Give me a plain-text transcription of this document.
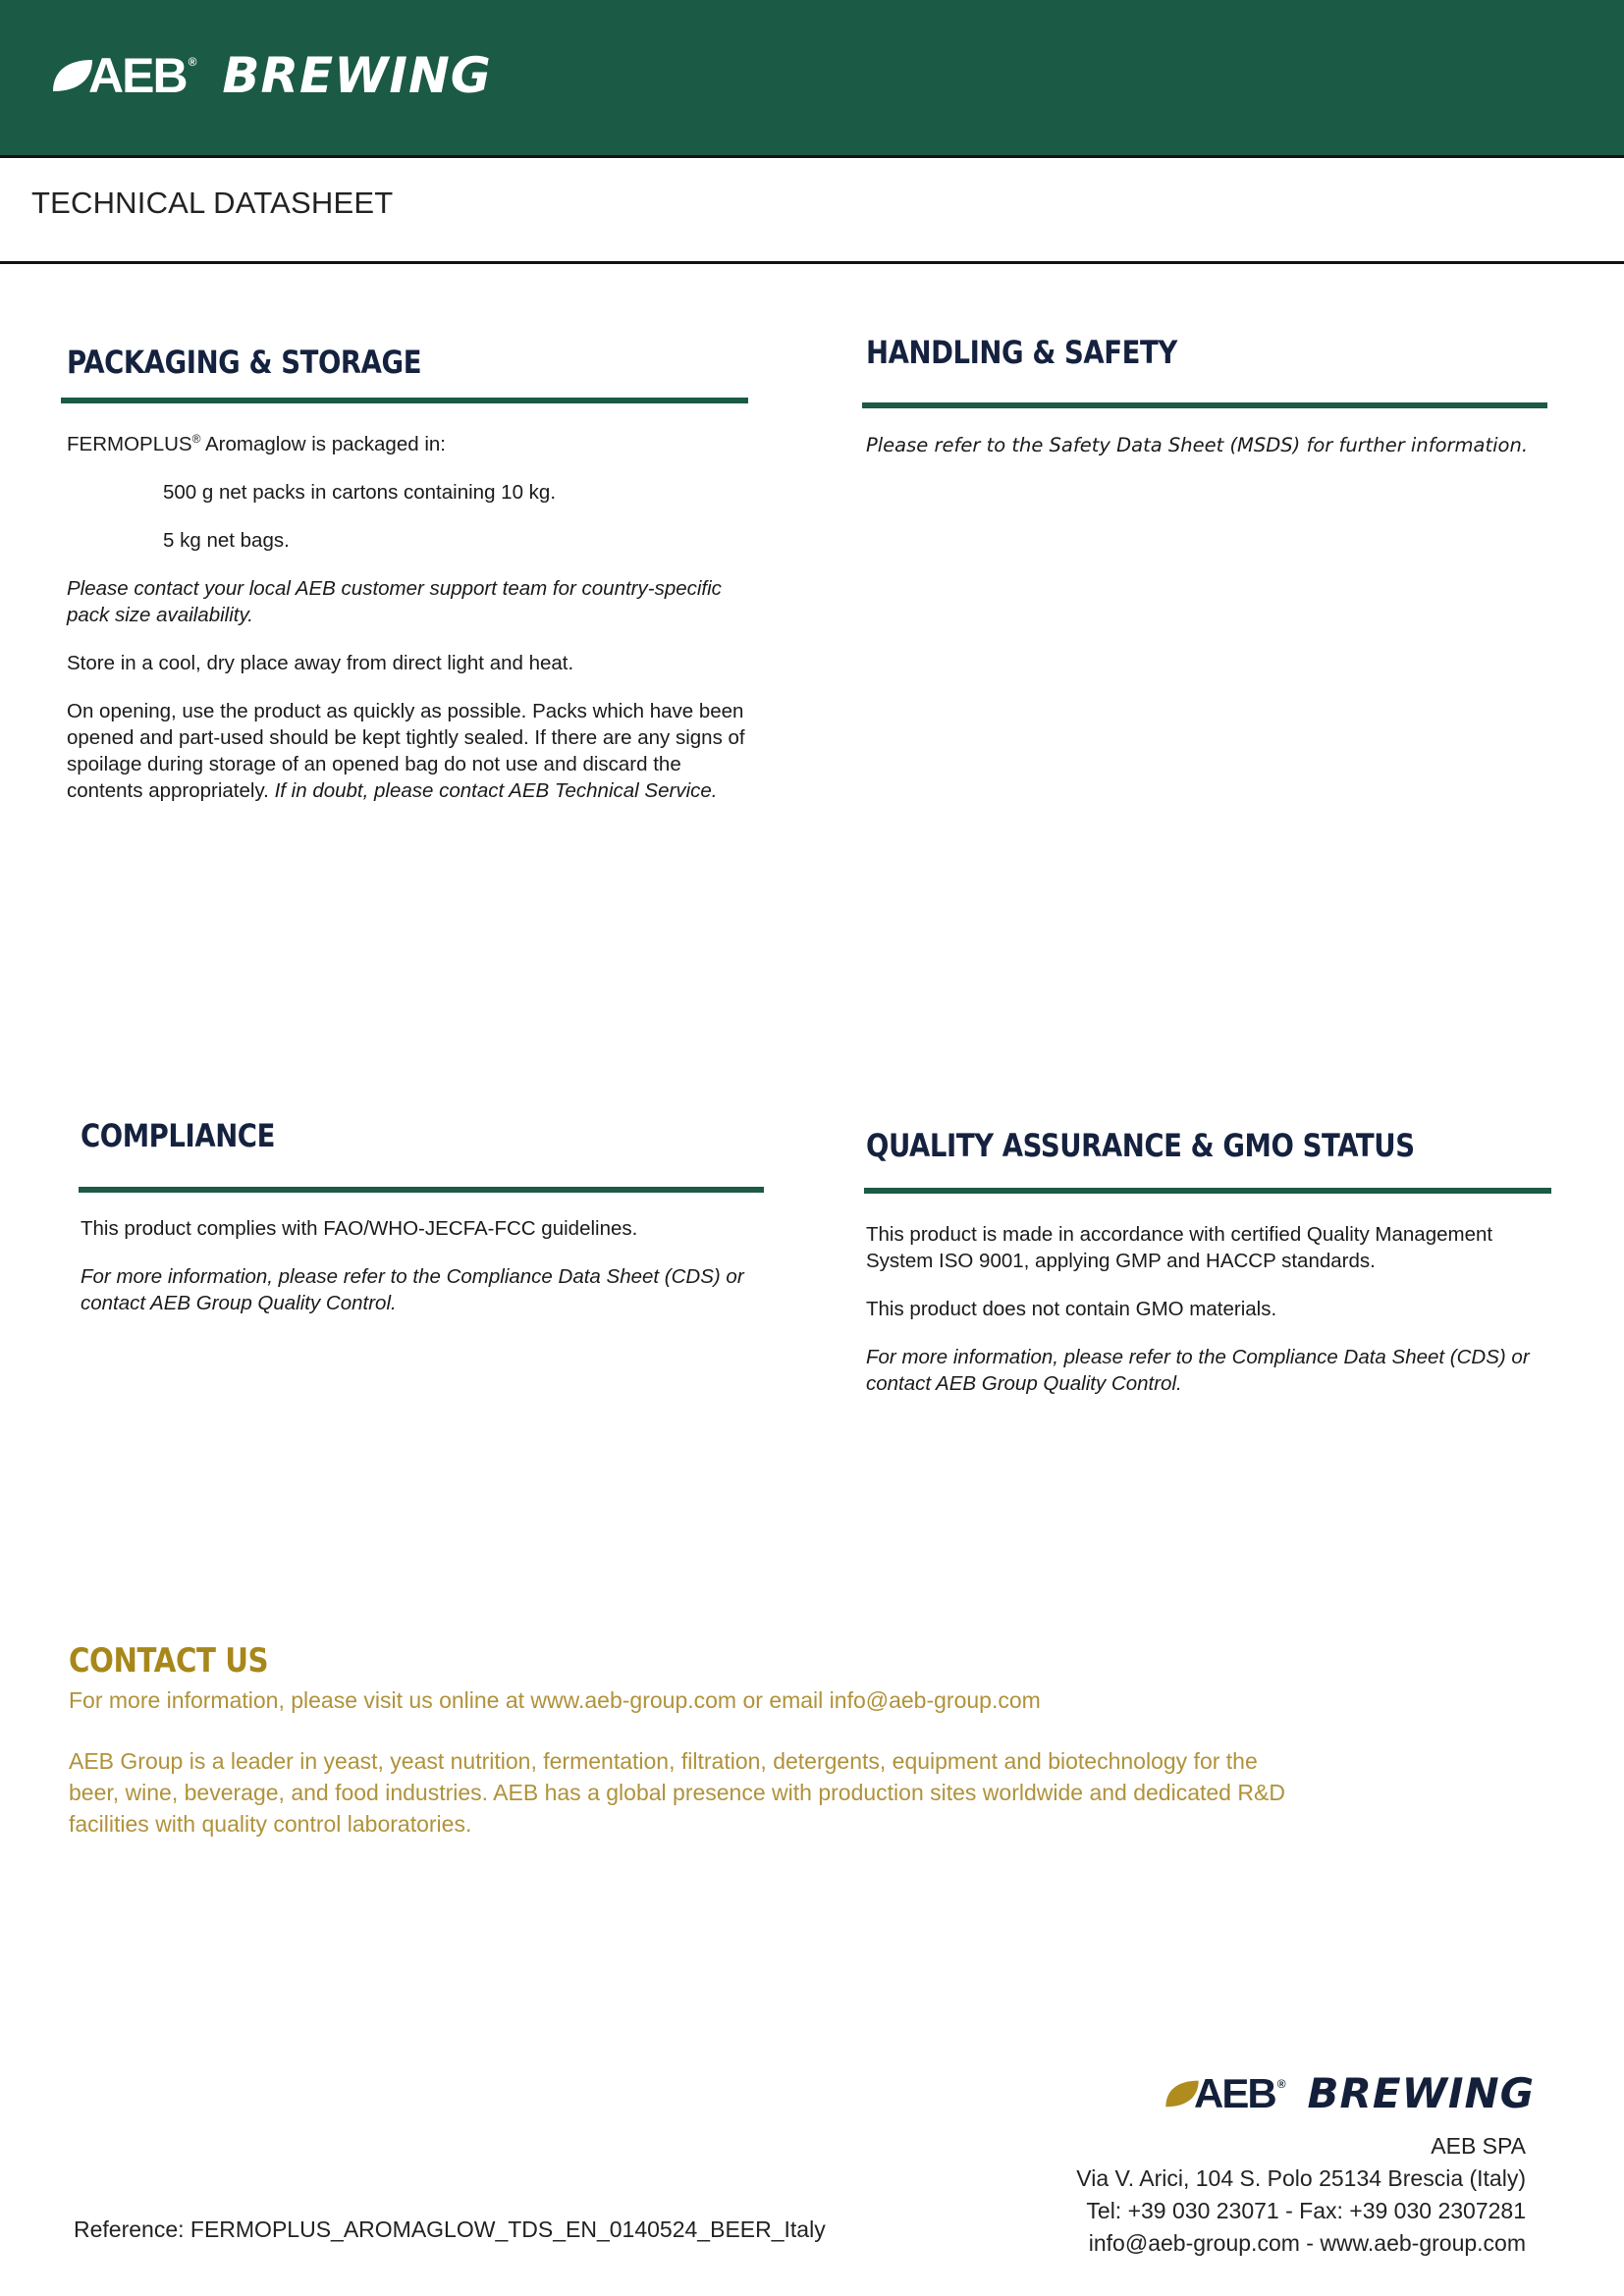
AEB ® BREWING
TECHNICAL DATASHEET
PACKAGING & STORAGE

FERMOPLUS® Aromaglow is packaged in:

500 g net packs in cartons containing 10 kg.

5 kg net bags.

Please contact your local AEB customer support team for country-specific pack size availability.

Store in a cool, dry place away from direct light and heat.

On opening, use the product as quickly as possible. Packs which have been opened and part-used should be kept tightly sealed. If there are any signs of spoilage during storage of an opened bag do not use and discard the contents appropriately. If in doubt, please contact AEB Technical Service.

HANDLING & SAFETY

Please refer to the Safety Data Sheet (MSDS) for further information.

COMPLIANCE

This product complies with FAO/WHO-JECFA-FCC guidelines.

For more information, please refer to the Compliance Data Sheet (CDS) or contact AEB Group Quality Control.

QUALITY ASSURANCE & GMO STATUS

This product is made in accordance with certified Quality Management System ISO 9001, applying GMP and HACCP standards.

This product does not contain GMO materials.

For more information, please refer to the Compliance Data Sheet (CDS) or contact AEB Group Quality Control.

CONTACT US

For more information, please visit us online at www.aeb-group.com or email info@aeb-group.com

AEB Group is a leader in yeast, yeast nutrition, fermentation, filtration, detergents, equipment and biotechnology for the beer, wine, beverage, and food industries. AEB has a global presence with production sites worldwide and dedicated R&D facilities with quality control laboratories.

AEB ® BREWING
AEB SPA
Via V. Arici, 104 S. Polo 25134 Brescia (Italy)
Tel: +39 030 23071 - Fax: +39 030 2307281
info@aeb-group.com - www.aeb-group.com
Reference: FERMOPLUS_AROMAGLOW_TDS_EN_0140524_BEER_Italy
